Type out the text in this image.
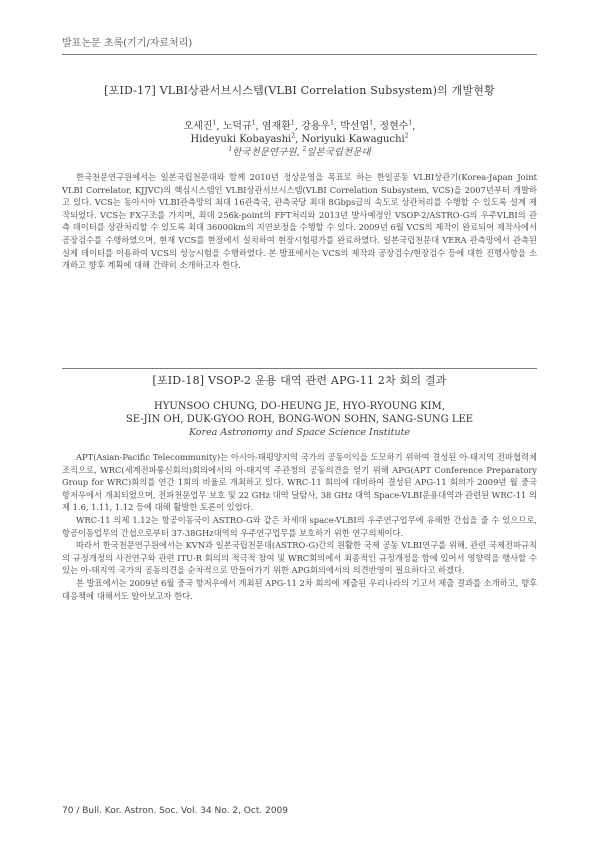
발표논문 초록(기기/자료처리)
[포ID-17] VLBI상관서브시스템(VLBI Correlation Subsystem)의 개발현황
오세진$^1$, 노덕규$^1$, 염재환$^1$, 강용우$^1$, 박선엽$^1$, 정현수$^1$,
Hideyuki Kobayashi$^2$, Noriyuki Kawaguchi$^2$
$^1$한국천문연구원, $^2$일본국립천문대

한국천문연구원에서는 일본국립천문대와 함께 2010년 정상운영을 목표로 하는 한일공동 VLBI상관기(Korea-Japan Joint VLBI Correlator, KJJVC)의 핵심시스템인 VLBI상관서브시스템(VLBI Correlation Subsystem, VCS)을 2007년부터 개발하고 있다. VCS는 동아시아 VLBI관측망의 최대 16관측국, 관측국당 최대 8Gbps급의 속도로 상관처리를 수행할 수 있도록 설계 제작되었다. VCS는 FX구조를 가지며, 최대 256k-point의 FFT처리와 2013년 발사예정인 VSOP-2/ASTRO-G의 우주VLBI의 관측 데이터를 상관처리할 수 있도록 최대 36000km의 지연보정을 수행할 수 있다. 2009년 6월 VCS의 제작이 완료되어 제작사에서 공장검수를 수행하였으며, 현재 VCS를 현장에서 설치하여 현장시험평가를 완료하였다. 일본국립천문대 VERA 관측망에서 관측된 실제 데이터를 이용하여 VCS의 성능시험을 수행하였다. 본 발표에서는 VCS의 제작과 공장검수/현장검수 등에 대한 진행사항을 소개하고 향후 계획에 대해 간략히 소개하고자 한다.

[포ID-18] VSOP-2 운용 대역 관련 APG-11 2차 회의 결과
HYUNSOO CHUNG, DO-HEUNG JE, HYO-RYOUNG KIM,
SE-JIN OH, DUK-GYOO ROH, BONG-WON SOHN, SANG-SUNG LEE
Korea Astronomy and Space Science Institute

APT(Asian-Pacific Telecommunity)는 아시아-태평양지역 국가의 공동이익을 도모하기 위하여 결성된 아-태지역 전파협력체 조직으로, WRC(세계전파통신회의)회의에서의 아-태지역 주관청의 공동의견을 얻기 위해 APG(APT Conference Preparatory Group for WRC)회의를 연간 1회의 비율로 개최하고 있다. WRC-11 회의에 대비하여 결성된 APG-11 회의가 2009년 월 중국 항저우에서 개최되었으며, 전파천문업무 보호 및 22 GHz 대역 달탐사, 38 GHz 대역 Space-VLBI운용대역과 관련된 WRC-11 의제 1.6, 1.11, 1.12 등에 대해 활발한 토론이 있었다.

WRC-11 의제 1.12는 항공이동국이 ASTRO-G와 같은 차세대 space-VLBI의 우주연구업무에 유해한 간섭을 줄 수 있으므로, 항공이동업무의 간섭으로부터 37-38GHz대역의 우주연구업무를 보호하기 위한 연구의제이다.

따라서 한국천문연구원에서는 KVN과 일본국립천문대(ASTRO-G)간의 원활한 국제 공동 VLBI연구를 위해, 관련 국제전파규칙의 규정개정의 사전연구와 관련 ITU-R 회의의 적극적 참여 및 WRC회의에서 최종적인 규정개정을 함에 있어서 영향력을 행사할 수 있는 아-태지역 국가의 공동의견을 순차적으로 만들어가기 위한 APG회의에서의 의견반영이 필요하다고 하겠다.

본 발표에서는 2009년 6월 중국 항저우에서 개최된 APG-11 2차 회의에 제출된 우리나라의 기고서 제출 결과를 소개하고, 향후 대응책에 대해서도 알아보고자 한다.

70 / Bull. Kor. Astron. Soc. Vol. 34 No. 2, Oct. 2009
